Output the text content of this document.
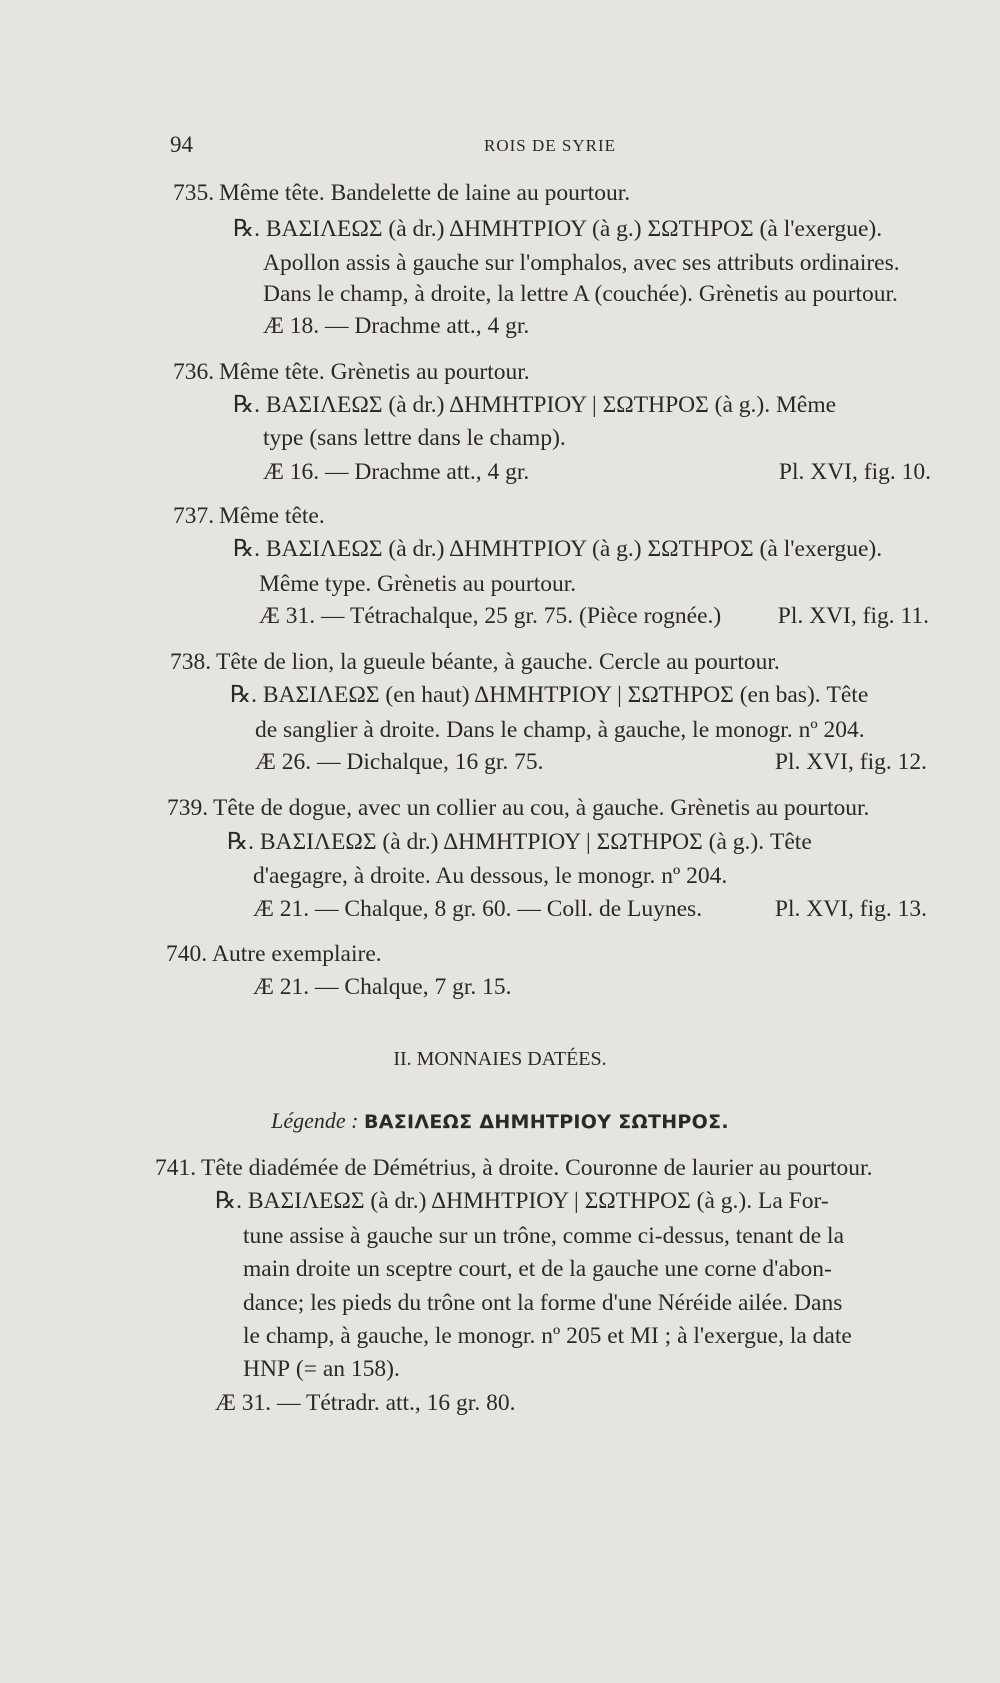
94	ROIS DE SYRIE
735. Même tête. Bandelette de laine au pourtour.
℞. ΒΑΣΙΛΕΩΣ (à dr.) ΔΗΜΗΤΡΙΟΥ (à g.) ΣΩΤΗΡΟΣ (à l'exergue).
Apollon assis à gauche sur l'omphalos, avec ses attributs ordinaires.
Dans le champ, à droite, la lettre A (couchée). Grènetis au pourtour.
Æ 18. — Drachme att., 4 gr.
736. Même tête. Grènetis au pourtour.
℞. ΒΑΣΙΛΕΩΣ (à dr.) ΔΗΜΗΤΡΙΟΥ | ΣΩΤΗΡΟΣ (à g.). Même
type (sans lettre dans le champ).
Æ 16. — Drachme att., 4 gr.	Pl. XVI, fig. 10.
737. Même tête.
℞. ΒΑΣΙΛΕΩΣ (à dr.) ΔΗΜΗΤΡΙΟΥ (à g.) ΣΩΤΗΡΟΣ (à l'exergue).
Même type. Grènetis au pourtour.
Æ 31. — Tétrachalque, 25 gr. 75. (Pièce rognée.) Pl. XVI, fig. 11.
738. Tête de lion, la gueule béante, à gauche. Cercle au pourtour.
℞. ΒΑΣΙΛΕΩΣ (en haut) ΔΗΜΗΤΡΙΟΥ | ΣΩΤΗΡΟΣ (en bas). Tête
de sanglier à droite. Dans le champ, à gauche, le monogr. nº 204.
Æ 26. — Dichalque, 16 gr. 75.	Pl. XVI, fig. 12.
739. Tête de dogue, avec un collier au cou, à gauche. Grènetis au pourtour.
℞. ΒΑΣΙΛΕΩΣ (à dr.) ΔΗΜΗΤΡΙΟΥ | ΣΩΤΗΡΟΣ (à g.). Tête
d'aegagre, à droite. Au dessous, le monogr. nº 204.
Æ 21. — Chalque, 8 gr. 60. — Coll. de Luynes.	Pl. XVI, fig. 13.
740. Autre exemplaire.
Æ 21. — Chalque, 7 gr. 15.
II. MONNAIES DATÉES.
Légende : ΒΑΣΙΛΕΩΣ ΔΗΜΗΤΡΙΟΥ ΣΩΤΗΡΟΣ.
741. Tête diadémée de Démétrius, à droite. Couronne de laurier au pourtour.
℞. ΒΑΣΙΛΕΩΣ (à dr.) ΔΗΜΗΤΡΙΟΥ | ΣΩΤΗΡΟΣ (à g.). La For-
tune assise à gauche sur un trône, comme ci-dessus, tenant de la
main droite un sceptre court, et de la gauche une corne d'abon-
dance; les pieds du trône ont la forme d'une Néréide ailée. Dans
le champ, à gauche, le monogr. nº 205 et ΜΙ ; à l'exergue, la date
ΗΝΡ (= an 158).
Æ 31. — Tétradr. att., 16 gr. 80.
